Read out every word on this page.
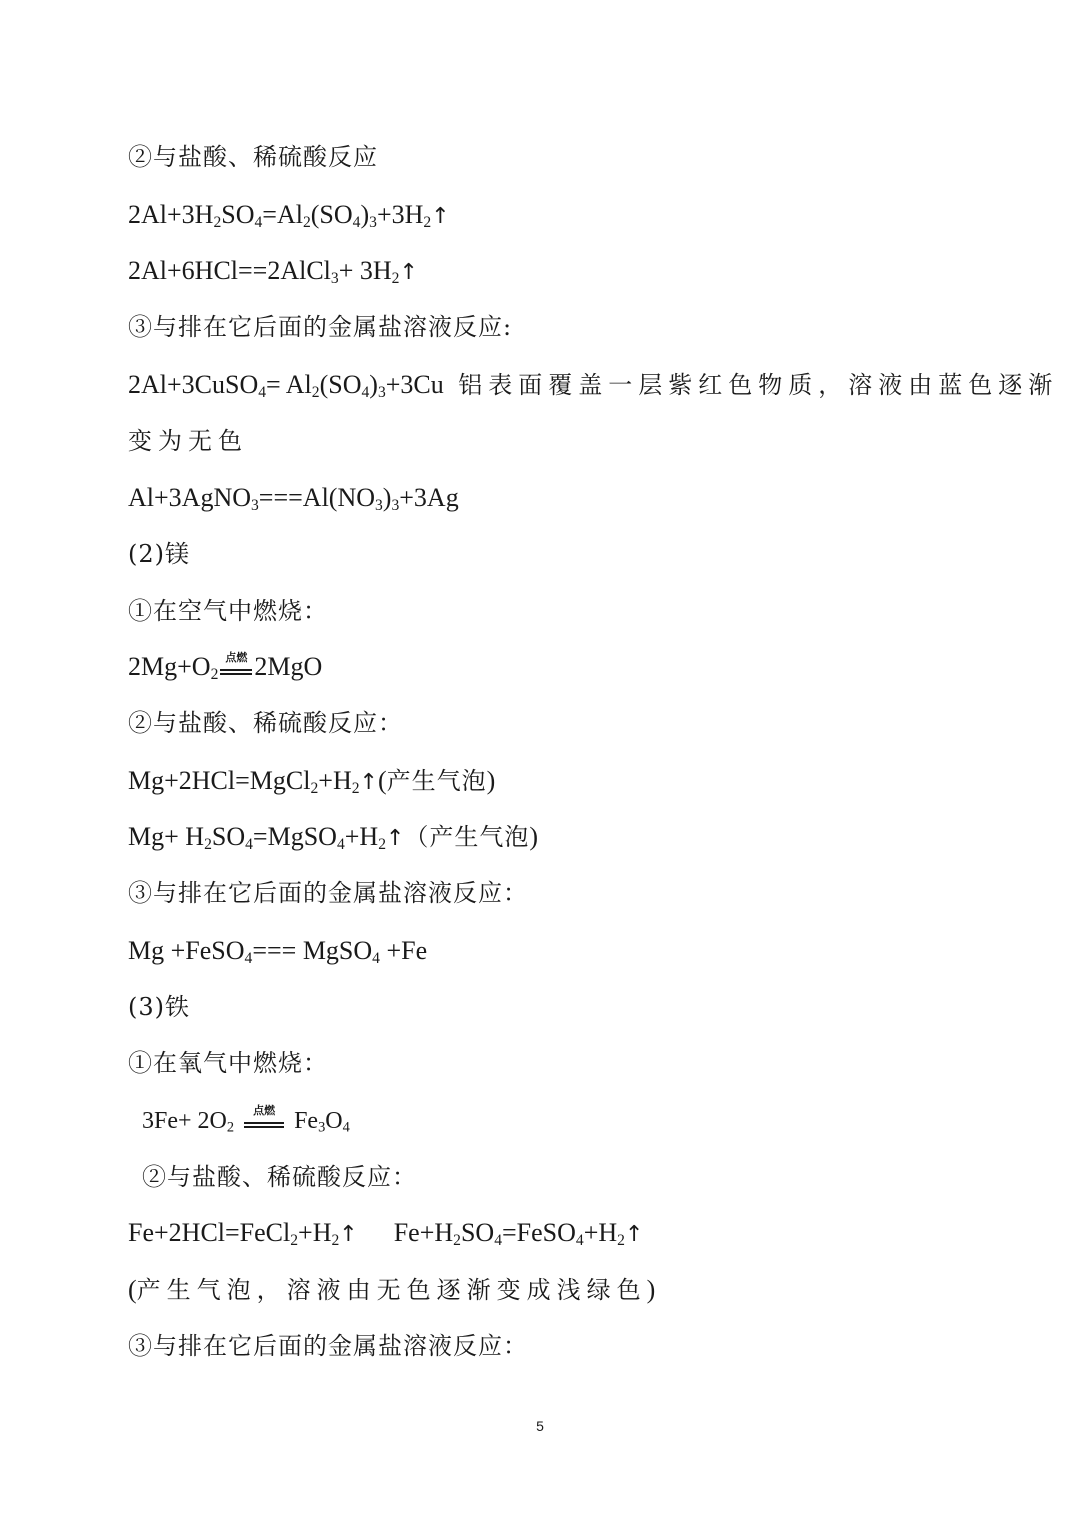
②与盐酸、稀硫酸反应
$2Al+3H_2SO_4=Al_2(SO_4)_3+3H_2↑$
2Al+6HCl==2AlCl$_3$+ $3H_2↑$
③与排在它后面的金属盐溶液反应:
2Al+3CuSO$_4$= $Al_2(SO_4)_3+3Cu$ 铝表面覆盖一层紫红色物质，溶液由蓝色逐渐
变为无色
$Al+3AgNO_3===Al(NO_3)_3+3Ag$
(2)镁
①在空气中燃烧：
$2Mg+O_2$
点燃 2MgO
②与盐酸、稀硫酸反应：
$Mg+2HCl=MgCl_2+H_2↑$(产生气泡)
$Mg+ H_2SO_4=MgSO_4+H_2↑$（产生气泡)
③与排在它后面的金属盐溶液反应：
Mg +FeSO$_4$=== MgSO$_4$ +Fe
(3)铁
①在氧气中燃烧：
$3Fe+ 2O_2$
点燃 $Fe_3O_4$
②与盐酸、稀硫酸反应：
$Fe+2HCl=FeCl_2+H_2↑$ $Fe+H_2SO_4=FeSO_4+H_2↑$
(产生气泡，溶液由无色逐渐变成浅绿色)
③与排在它后面的金属盐溶液反应：
5
